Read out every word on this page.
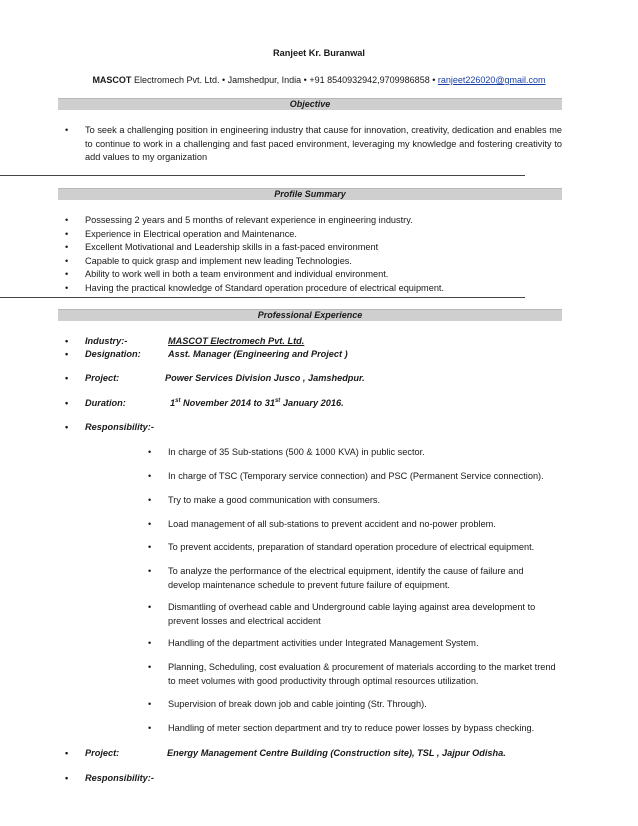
Ranjeet Kr. Buranwal
MASCOT Electromech Pvt. Ltd. • Jamshedpur, India • +91 8540932942,9709986858 • ranjeet226020@gmail.com
Objective
• To seek a challenging position in engineering industry that cause for innovation, creativity, dedication and enables me to continue to work in a challenging and fast paced environment, leveraging my knowledge and fostering creativity to add values to my organization
Profile Summary
• Possessing 2 years and 5 months of relevant experience in engineering industry.
• Experience in Electrical operation and Maintenance.
• Excellent Motivational and Leadership skills in a fast-paced environment
• Capable to quick grasp and implement new leading Technologies.
• Ability to work well in both a team environment and individual environment.
• Having the practical knowledge of Standard operation procedure of electrical equipment.
Professional Experience
• Industry:-	MASCOT Electromech Pvt. Ltd.
• Designation:	Asst. Manager (Engineering and Project )
• Project:	Power Services Division Jusco , Jamshedpur.
• Duration:	1st November 2014 to 31st January 2016.
• Responsibility:-
• In charge of 35 Sub-stations (500 & 1000 KVA) in public sector.
• In charge of TSC (Temporary service connection) and PSC (Permanent Service connection).
• Try to make a good communication with consumers.
• Load management of all sub-stations to prevent accident and no-power problem.
• To prevent accidents, preparation of standard operation procedure of electrical equipment.
• To analyze the performance of the electrical equipment, identify the cause of failure and develop maintenance schedule to prevent future failure of equipment.
• Dismantling of overhead cable and Underground cable laying against area development to prevent losses and electrical accident
• Handling of the department activities under Integrated Management System.
• Planning, Scheduling, cost evaluation & procurement of materials according to the market trend to meet volumes with good productivity through optimal resources utilization.
• Supervision of break down job and cable jointing (Str. Through).
• Handling of meter section department and try to reduce power losses by bypass checking.
• Project:	Energy Management Centre Building (Construction site), TSL , Jajpur Odisha.
• Responsibility:-
